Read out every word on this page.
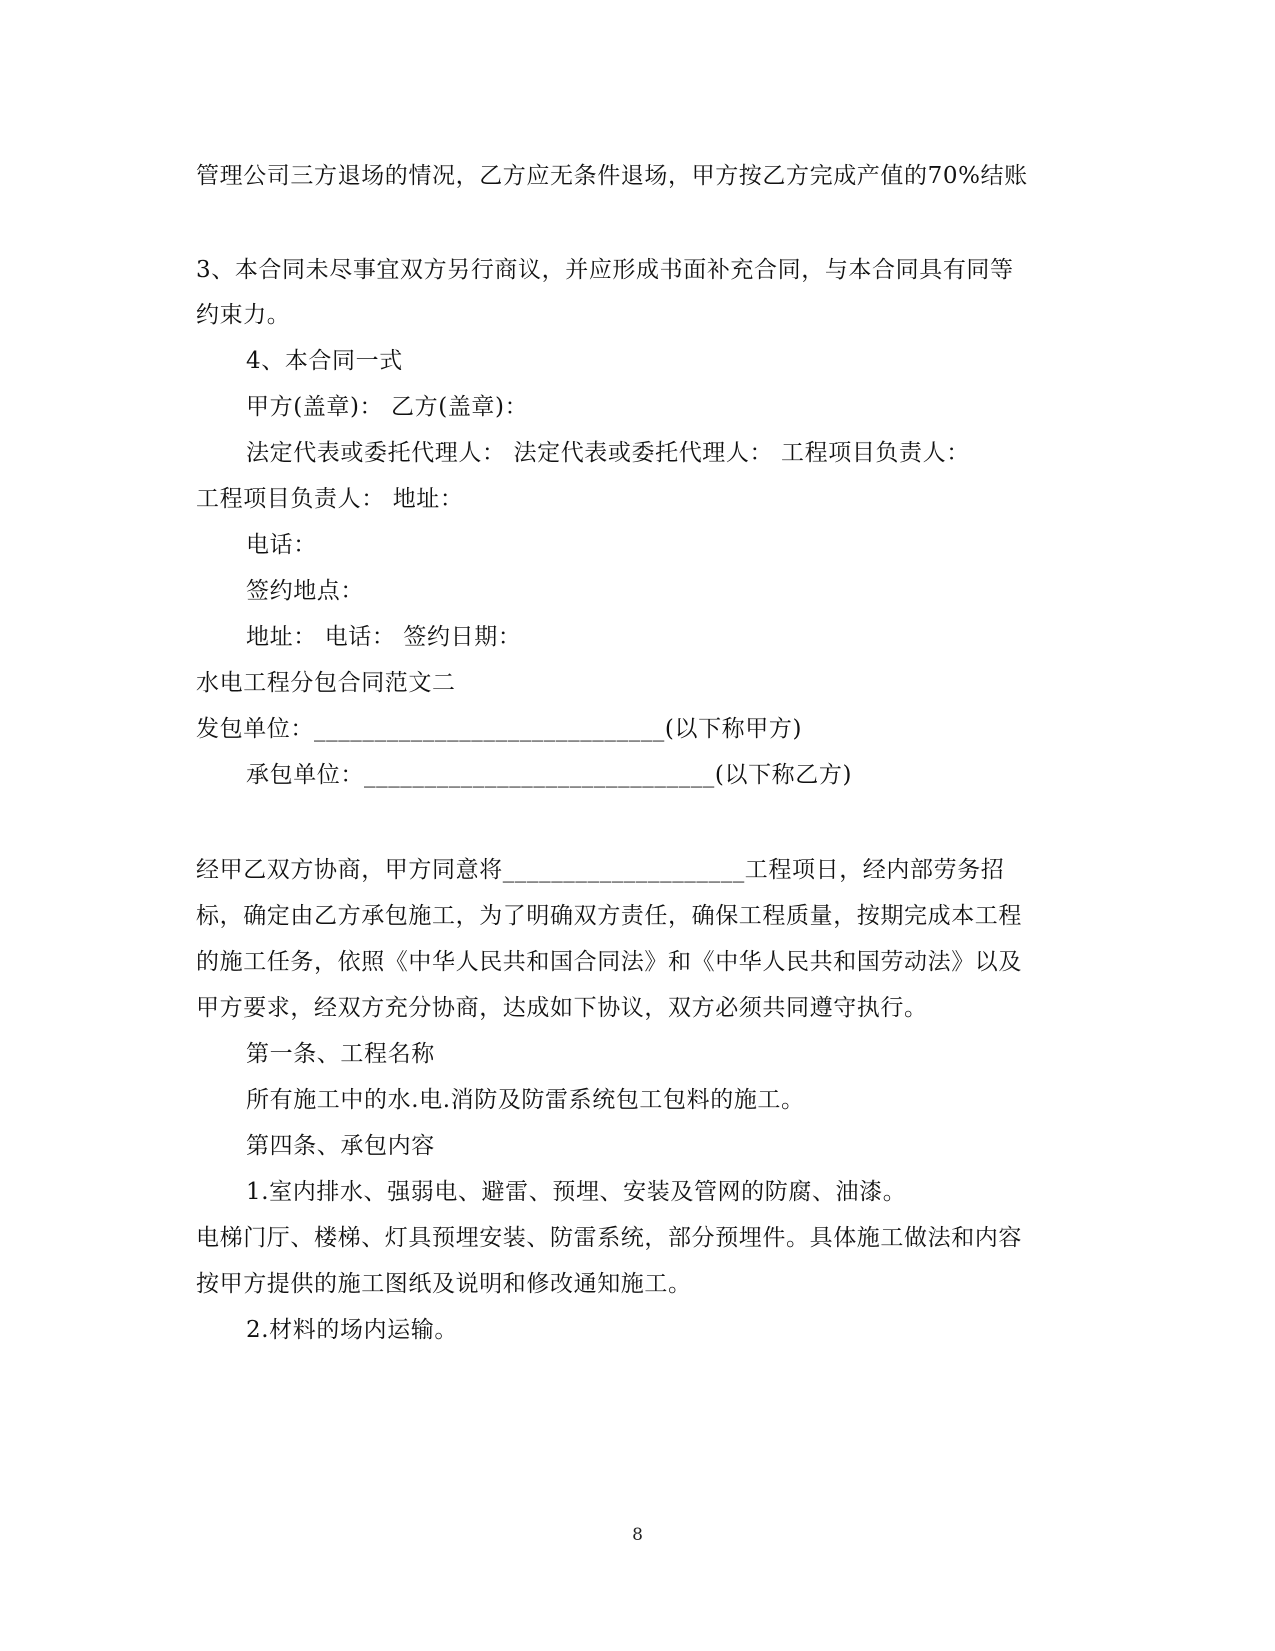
管理公司三方退场的情况，乙方应无条件退场，甲方按乙方完成产值的70%结账
3、本合同未尽事宜双方另行商议，并应形成书面补充合同，与本合同具有同等
约束力。
4、本合同一式
甲方(盖章)： 乙方(盖章)：
法定代表或委托代理人： 法定代表或委托代理人： 工程项目负责人：
工程项目负责人： 地址：
电话：
签约地点：
地址： 电话： 签约日期：
水电工程分包合同范文二
发包单位：_____________________________(以下称甲方)
承包单位：_____________________________(以下称乙方)
经甲乙双方协商，甲方同意将____________________工程项日，经内部劳务招
标，确定由乙方承包施工，为了明确双方责任，确保工程质量，按期完成本工程
的施工任务，依照《中华人民共和国合同法》和《中华人民共和国劳动法》以及
甲方要求，经双方充分协商，达成如下协议，双方必须共同遵守执行。
第一条、工程名称
所有施工中的水.电.消防及防雷系统包工包料的施工。
第四条、承包内容
1.室内排水、强弱电、避雷、预埋、安装及管网的防腐、油漆。
电梯门厅、楼梯、灯具预埋安装、防雷系统，部分预埋件。具体施工做法和内容
按甲方提供的施工图纸及说明和修改通知施工。
2.材料的场内运输。
8
